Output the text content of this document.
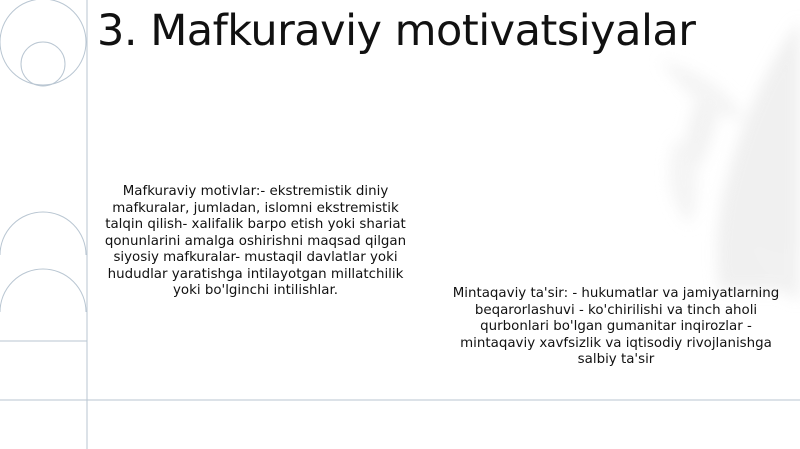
3. Mafkuraviy motivatsiyalar

Mafkuraviy motivlar:- ekstremistik diniy mafkuralar, jumladan, islomni ekstremistik talqin qilish- xalifalik barpo etish yoki shariat qonunlarini amalga oshirishni maqsad qilgan siyosiy mafkuralar- mustaqil davlatlar yoki hududlar yaratishga intilayotgan millatchilik yoki bo'lginchi intilishlar.	Mintaqaviy ta'sir: - hukumatlar va jamiyatlarning beqarorlashuvi - ko'chirilishi va tinch aholi qurbonlari bo'lgan gumanitar inqirozlar - mintaqaviy xavfsizlik va iqtisodiy rivojlanishga salbiy ta'sir
